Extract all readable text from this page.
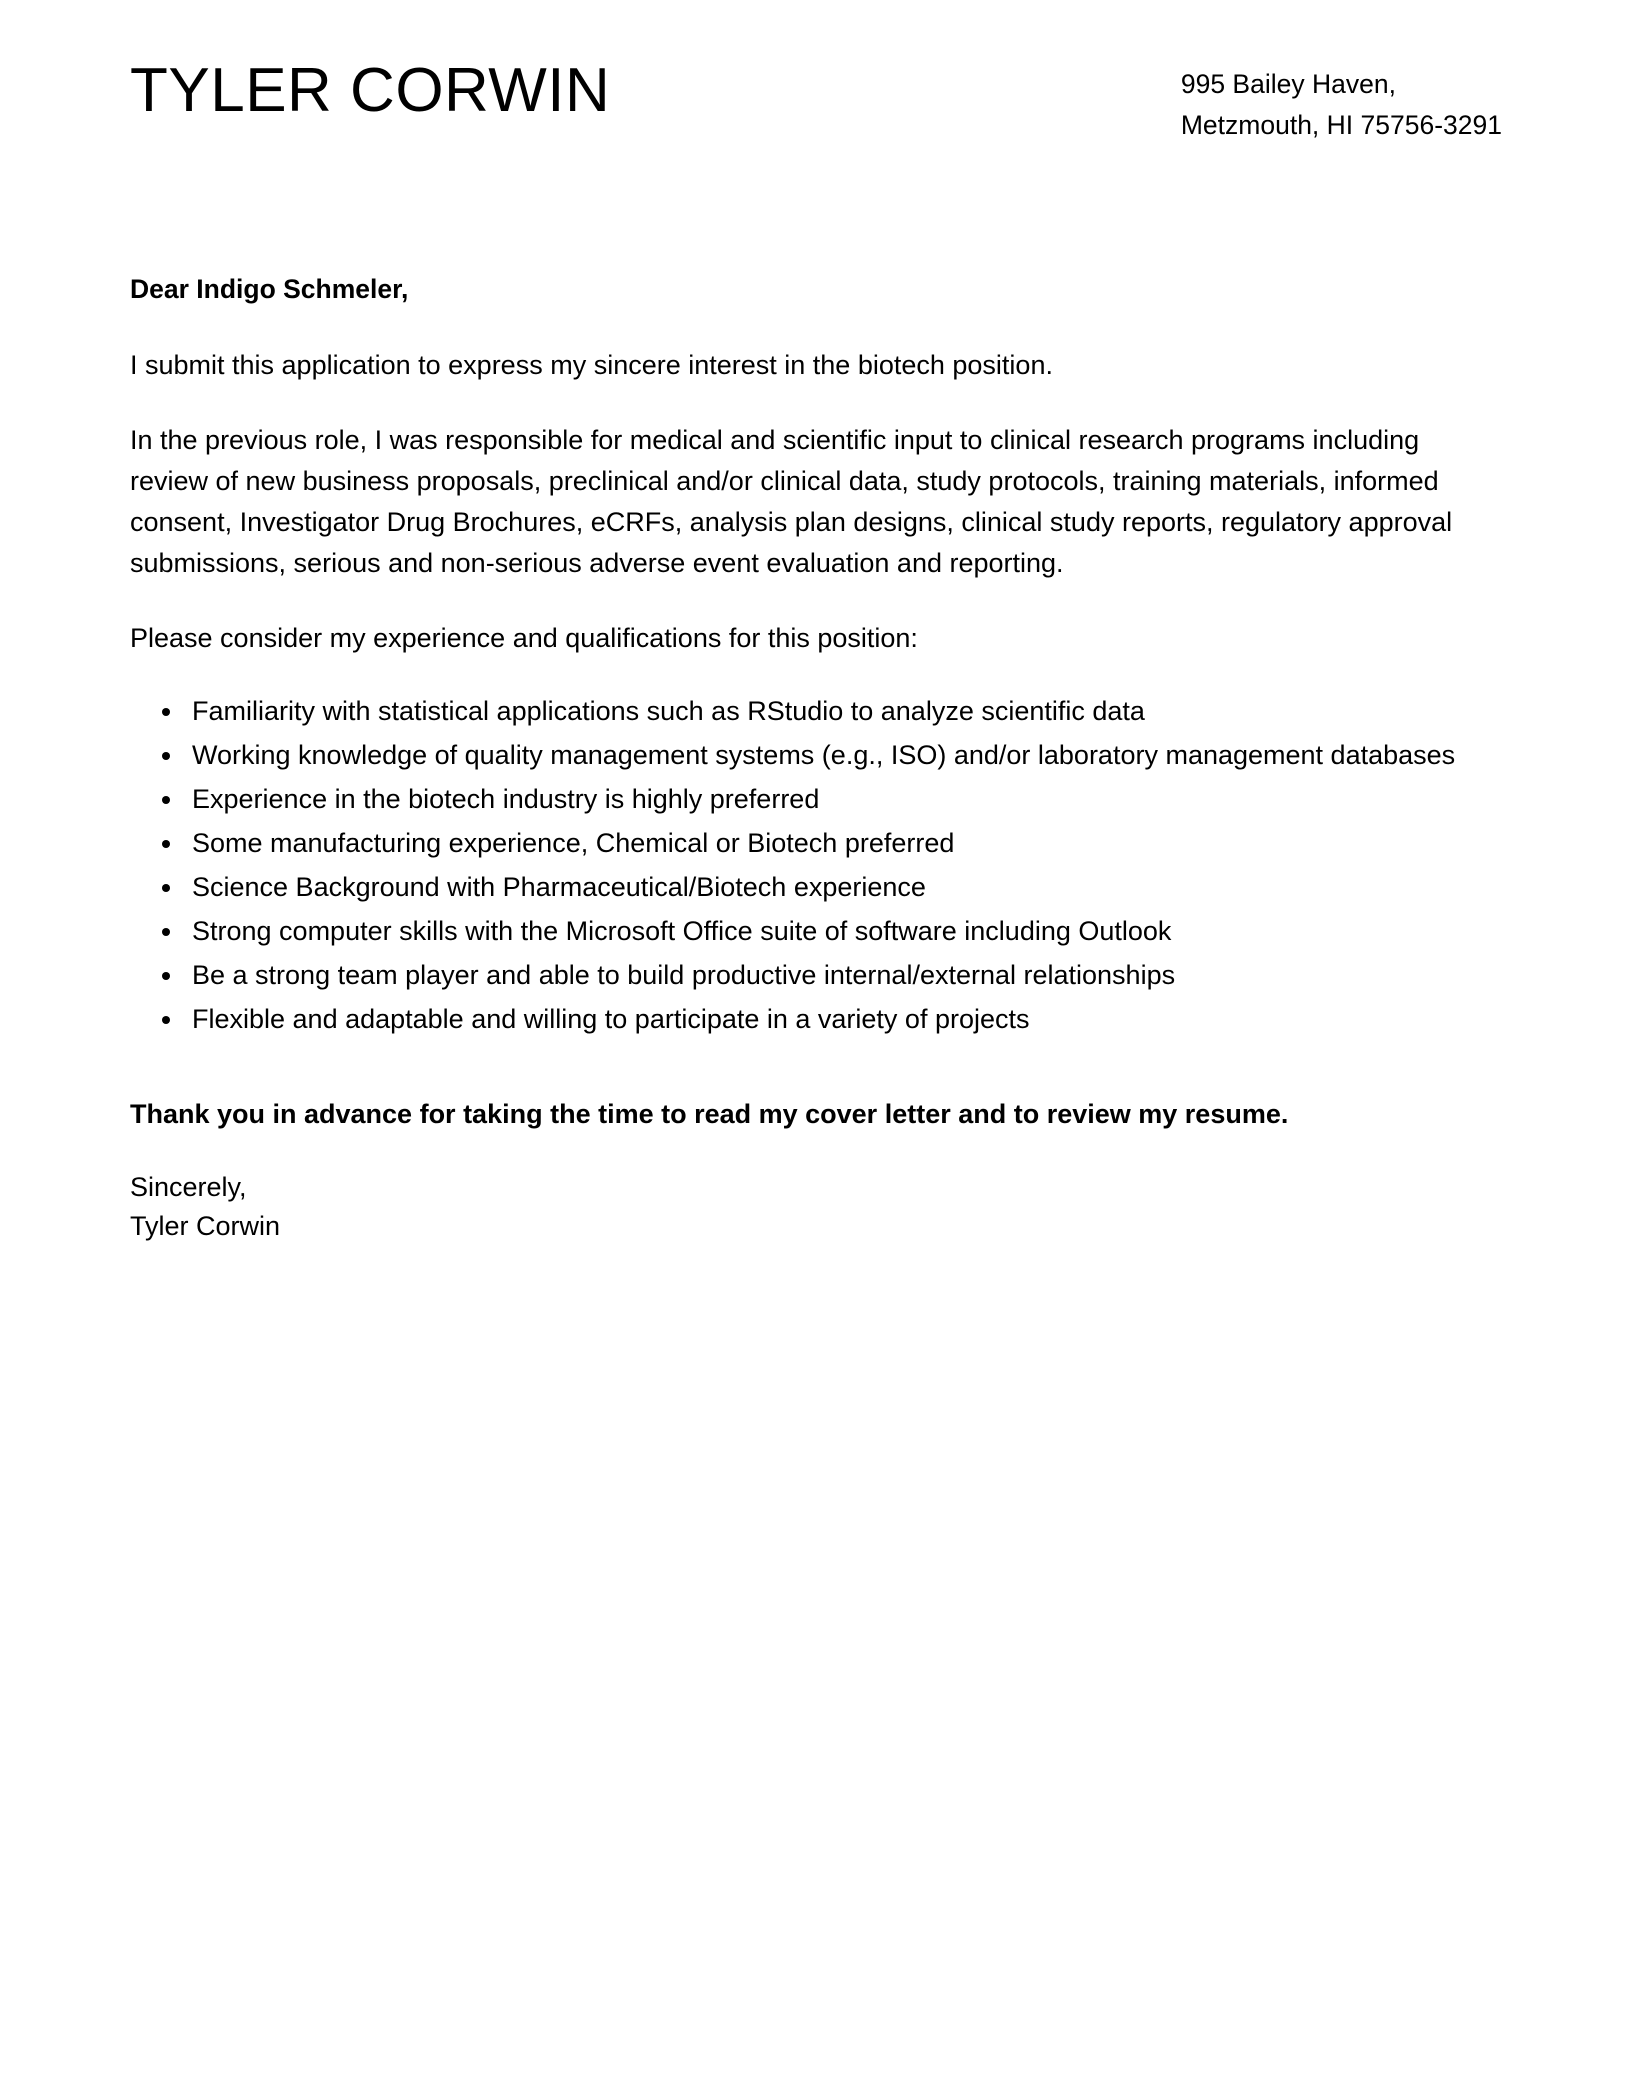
TYLER CORWIN	995 Bailey Haven,
Metzmouth, HI 75756-3291

Dear Indigo Schmeler,

I submit this application to express my sincere interest in the biotech position.

In the previous role, I was responsible for medical and scientific input to clinical research programs including review of new business proposals, preclinical and/or clinical data, study protocols, training materials, informed consent, Investigator Drug Brochures, eCRFs, analysis plan designs, clinical study reports, regulatory approval submissions, serious and non-serious adverse event evaluation and reporting.

Please consider my experience and qualifications for this position:

Familiarity with statistical applications such as RStudio to analyze scientific data
Working knowledge of quality management systems (e.g., ISO) and/or laboratory management databases
Experience in the biotech industry is highly preferred
Some manufacturing experience, Chemical or Biotech preferred
Science Background with Pharmaceutical/Biotech experience
Strong computer skills with the Microsoft Office suite of software including Outlook
Be a strong team player and able to build productive internal/external relationships
Flexible and adaptable and willing to participate in a variety of projects

Thank you in advance for taking the time to read my cover letter and to review my resume.

Sincerely,
Tyler Corwin
